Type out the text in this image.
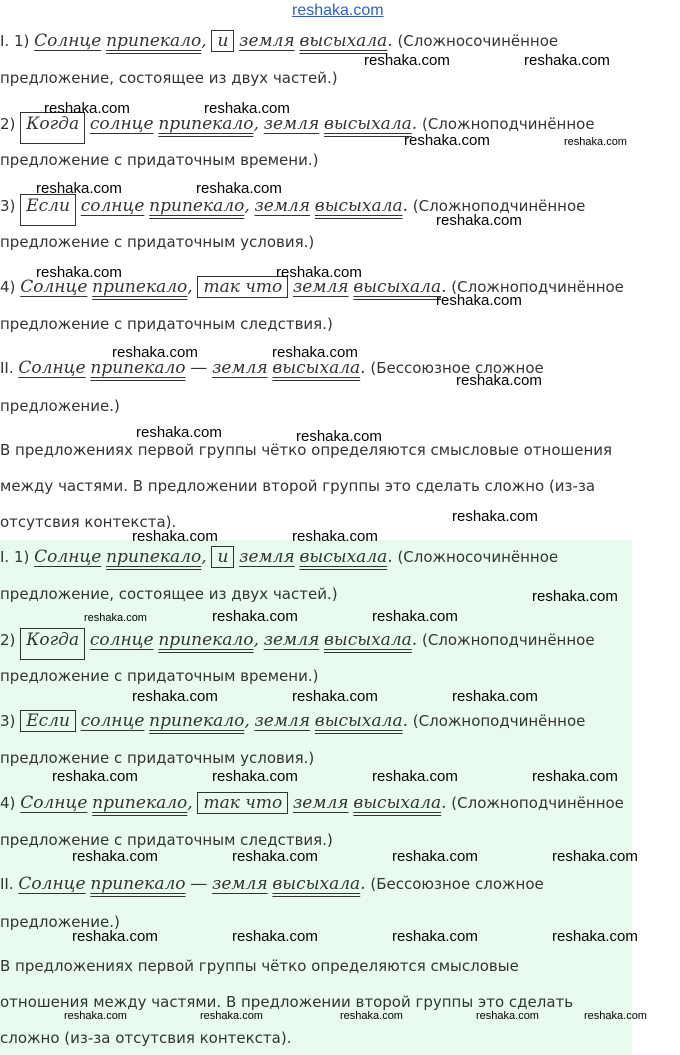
reshaka.com
I. 1) Солнце припекало, и земля высыхала. (Сложносочинённое
предложение, состоящее из двух частей.)
2) Когда солнце припекало, земля высыхала. (Сложноподчинённое
предложение с придаточным времени.)
3) Если солнце припекало, земля высыхала. (Сложноподчинённое
предложение с придаточным условия.)
4) Солнце припекало, так что земля высыхала. (Сложноподчинённое
предложение с придаточным следствия.)
II. Солнце припекало — земля высыхала. (Бессоюзное сложное
предложение.)
В предложениях первой группы чётко определяются смысловые отношения
между частями. В предложении второй группы это сделать сложно (из-за
отсутсвия контекста).
I. 1) Солнце припекало, и земля высыхала. (Сложносочинённое
предложение, состоящее из двух частей.)
2) Когда солнце припекало, земля высыхала. (Сложноподчинённое
предложение с придаточным времени.)
3) Если солнце припекало, земля высыхала. (Сложноподчинённое
предложение с придаточным условия.)
4) Солнце припекало, так что земля высыхала. (Сложноподчинённое
предложение с придаточным следствия.)
II. Солнце припекало — земля высыхала. (Бессоюзное сложное
предложение.)
В предложениях первой группы чётко определяются смысловые
отношения между частями. В предложении второй группы это сделать
сложно (из-за отсутсвия контекста).
reshaka.com	reshaka.com
reshaka.com	reshaka.com
reshaka.com	reshaka.com
reshaka.com	reshaka.com
reshaka.com
reshaka.com	reshaka.com
reshaka.com
reshaka.com	reshaka.com
reshaka.com
reshaka.com	reshaka.com
reshaka.com
reshaka.com	reshaka.com
reshaka.com
reshaka.com	reshaka.com	reshaka.com
reshaka.com	reshaka.com	reshaka.com
reshaka.com	reshaka.com	reshaka.com	reshaka.com
reshaka.com	reshaka.com	reshaka.com	reshaka.com
reshaka.com	reshaka.com	reshaka.com	reshaka.com
reshaka.com	reshaka.com	reshaka.com	reshaka.com	reshaka.com
